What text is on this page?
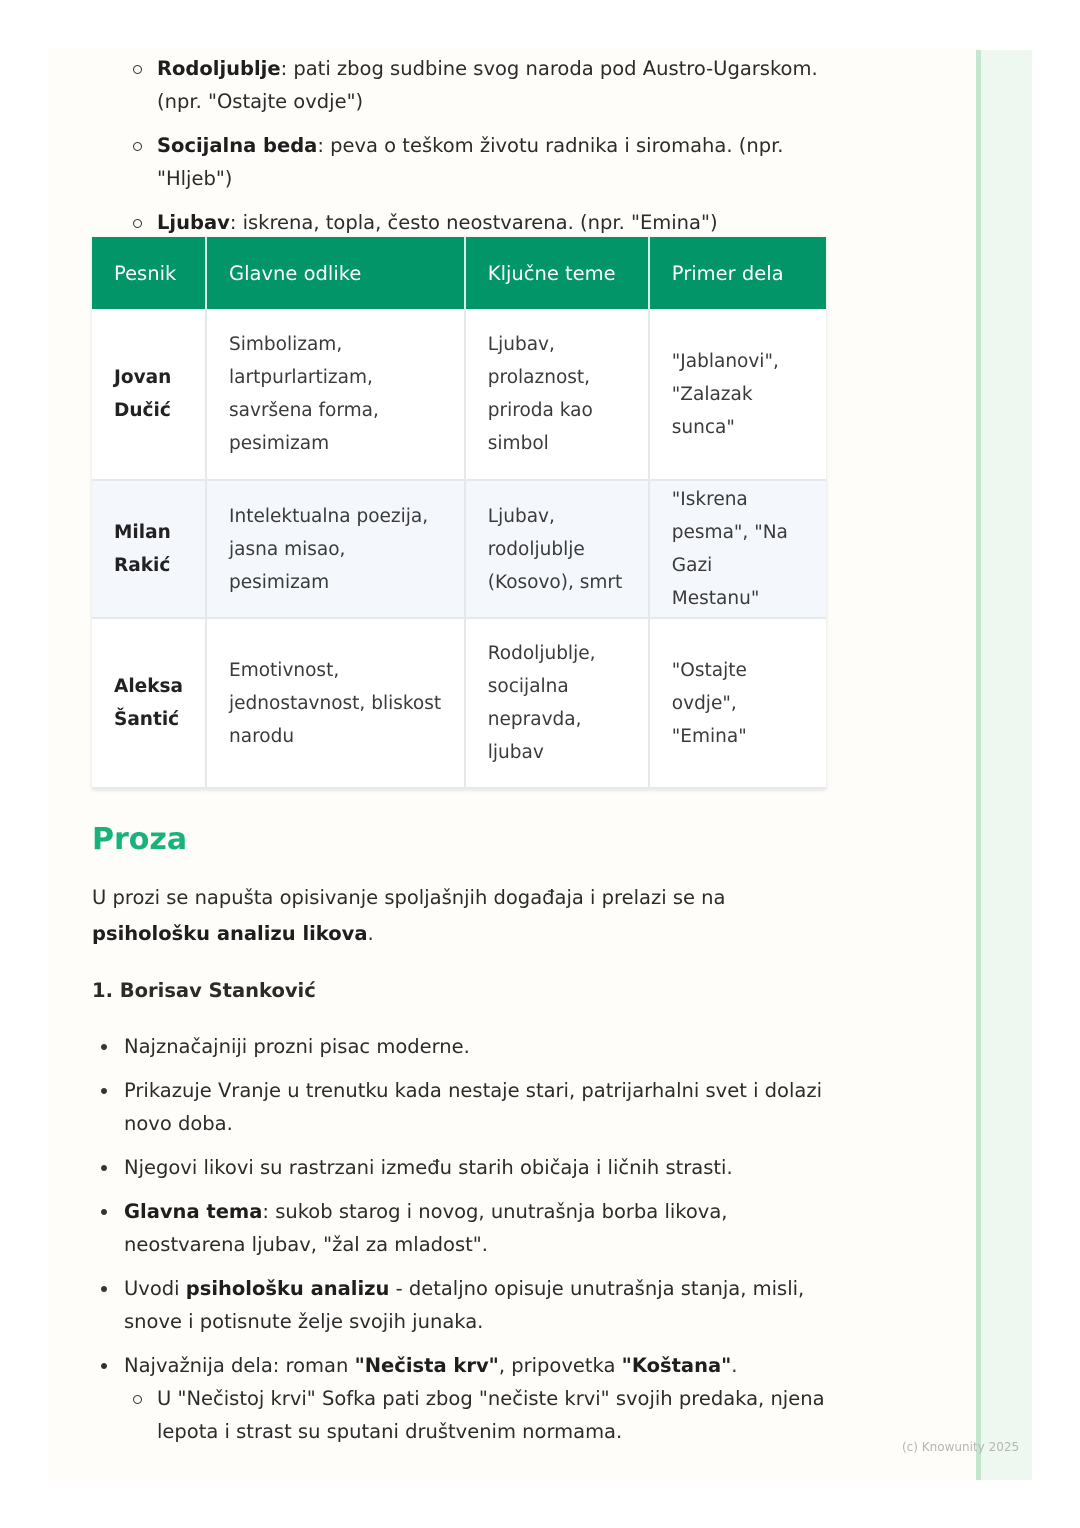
Rodoljublje: pati zbog sudbine svog naroda pod Austro-Ugarskom. (npr. "Ostajte ovdje")
Socijalna beda: peva o teškom životu radnika i siromaha. (npr. "Hljeb")
Ljubav: iskrena, topla, često neostvarena. (npr. "Emina")
Pesnik	Glavne odlike	Ključne teme	Primer dela
Jovan Dučić	Simbolizam, lartpurlartizam, savršena forma, pesimizam	Ljubav, prolaznost, priroda kao simbol	"Jablanovi", "Zalazak sunca"
Milan Rakić	Intelektualna poezija, jasna misao, pesimizam	Ljubav, rodoljublje (Kosovo), smrt	"Iskrena pesma", "Na Gazi Mestanu"
Aleksa Šantić	Emotivnost, jednostavnost, bliskost narodu	Rodoljublje, socijalna nepravda, ljubav	"Ostajte ovdje", "Emina"
Proza

U prozi se napušta opisivanje spoljašnjih događaja i prelazi se na psihološku analizu likova.

1. Borisav Stanković
Najznačajniji prozni pisac moderne.
Prikazuje Vranje u trenutku kada nestaje stari, patrijarhalni svet i dolazi novo doba.
Njegovi likovi su rastrzani između starih običaja i ličnih strasti.
Glavna tema: sukob starog i novog, unutrašnja borba likova, neostvarena ljubav, "žal za mladost".
Uvodi psihološku analizu - detaljno opisuje unutrašnja stanja, misli, snove i potisnute želje svojih junaka.
Najvažnija dela: roman "Nečista krv", pripovetka "Koštana".
U "Nečistoj krvi" Sofka pati zbog "nečiste krvi" svojih predaka, njena lepota i strast su sputani društvenim normama.
(c) Knowunity 2025
